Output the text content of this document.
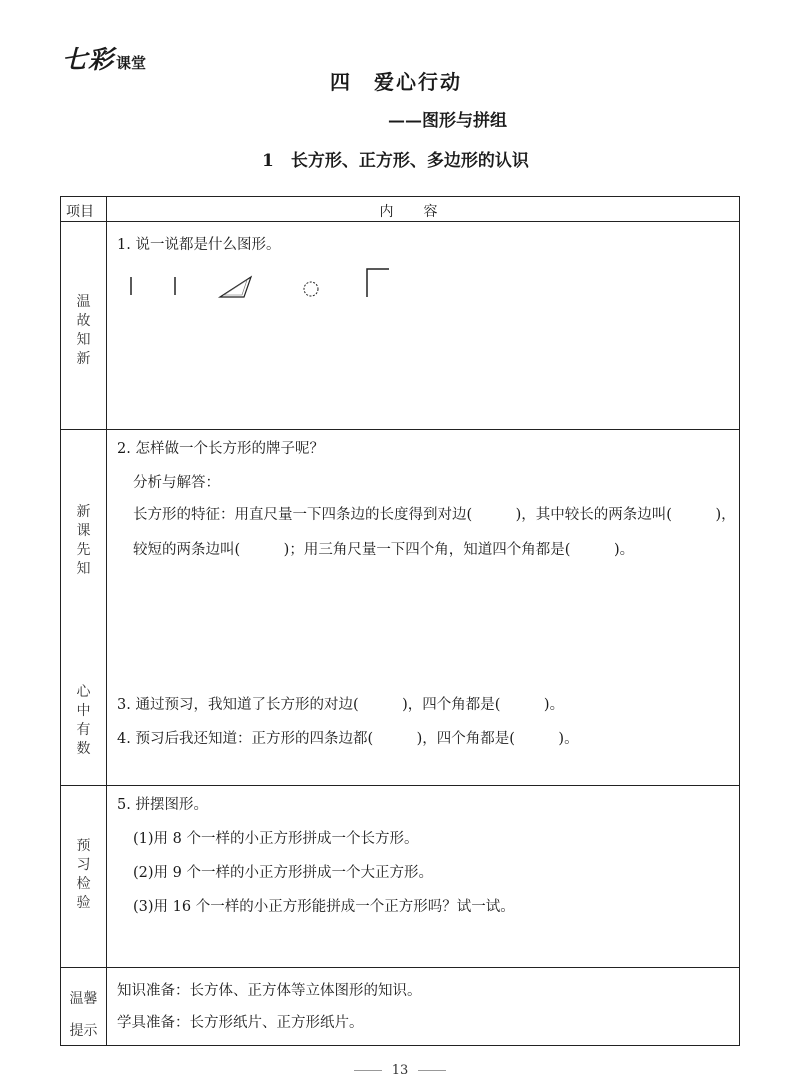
七彩 课堂
四　爱心行动
——图形与拼组
1　长方形、正方形、多边形的认识
项目	内容
温
故
知
新
1. 说一说都是什么图形。
新
课
先
知
心
中
有
数
2. 怎样做一个长方形的牌子呢？
分析与解答：
长方形的特征：用直尺量一下四条边的长度得到对边(　　　)，其中较长的两条边叫(　　　)，较短的两条边叫(　　　)；用三角尺量一下四个角，知道四个角都是(　　　)。
3. 通过预习，我知道了长方形的对边(　　　)，四个角都是(　　　)。
4. 预习后我还知道：正方形的四条边都(　　　)，四个角都是(　　　)。
预
习
检
验
5. 拼摆图形。
(1)用 8 个一样的小正方形拼成一个长方形。
(2)用 9 个一样的小正方形拼成一个大正方形。
(3)用 16 个一样的小正方形能拼成一个正方形吗？试一试。
温馨
提示
知识准备：长方体、正方体等立体图形的知识。
学具准备：长方形纸片、正方形纸片。
13
